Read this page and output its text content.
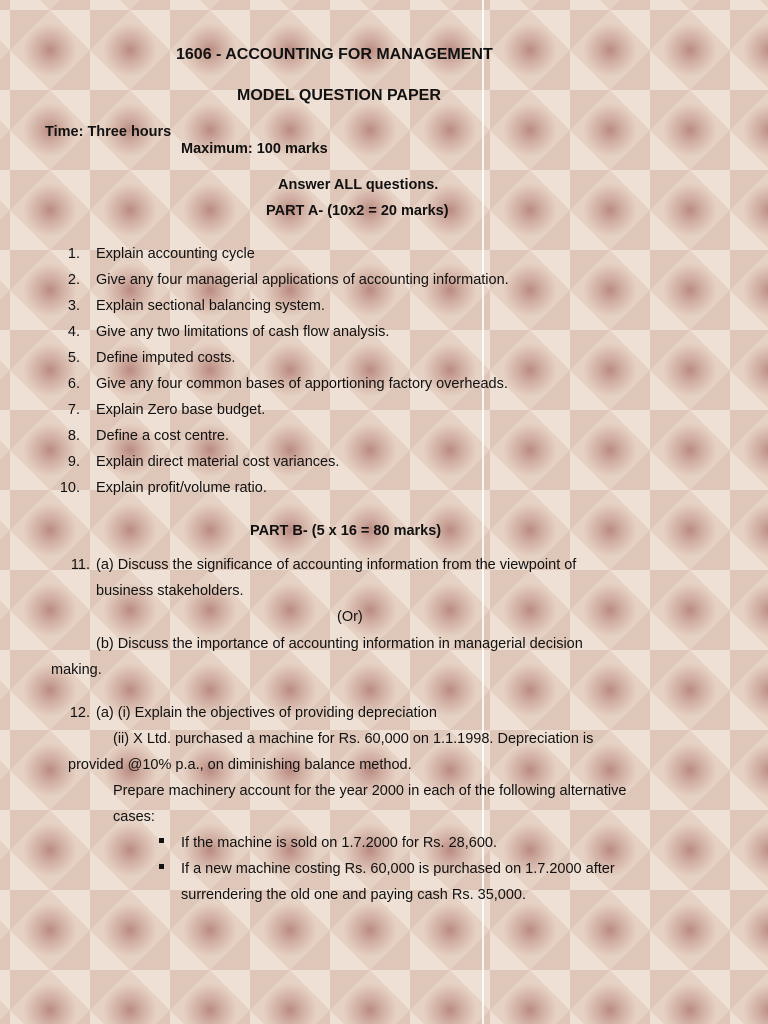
1606 - ACCOUNTING FOR MANAGEMENT
MODEL QUESTION PAPER
Time: Three hours
Maximum: 100 marks
Answer ALL questions.
PART A- (10x2 = 20 marks)
1. Explain accounting cycle
2. Give any four managerial applications of accounting information.
3. Explain sectional balancing system.
4. Give any two limitations of cash flow analysis.
5. Define imputed costs.
6. Give any four common bases of apportioning factory overheads.
7. Explain Zero base budget.
8. Define a cost centre.
9. Explain direct material cost variances.
10. Explain profit/volume ratio.
PART B- (5 x 16 = 80 marks)
11. (a) Discuss the significance of accounting information from the viewpoint of
business stakeholders.
(Or)
(b) Discuss the importance of accounting information in managerial decision
making.
12. (a) (i) Explain the objectives of providing depreciation
(ii) X Ltd. purchased a machine for Rs. 60,000 on 1.1.1998. Depreciation is
provided @10% p.a., on diminishing balance method.
Prepare machinery account for the year 2000 in each of the following alternative
cases:
If the machine is sold on 1.7.2000 for Rs. 28,600.
If a new machine costing Rs. 60,000 is purchased on 1.7.2000 after
surrendering the old one and paying cash Rs. 35,000.
